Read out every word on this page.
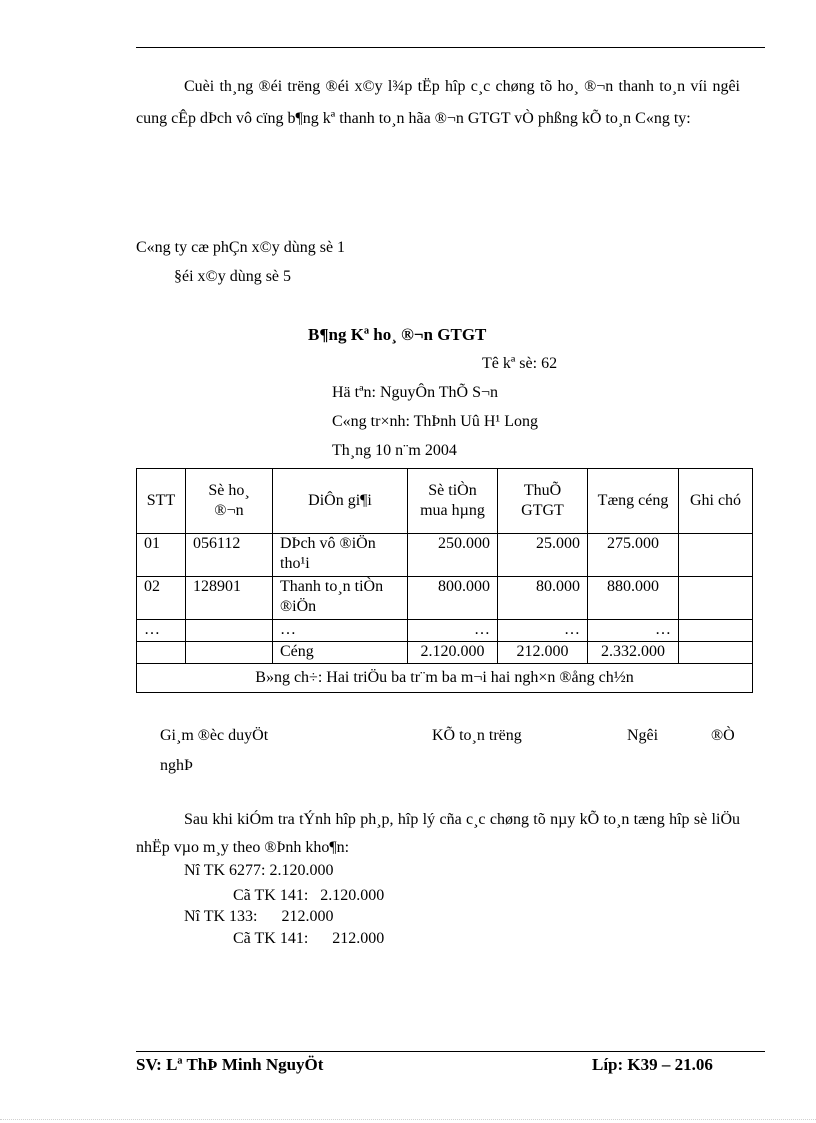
Cuèi th¸ng ®éi trëng ®éi x©y l¾p tËp hîp c¸c chøng tõ ho¸ ®¬n thanh to¸n víi ngêi cung cÊp dÞch vô cïng b¶ng kª thanh to¸n hãa ®¬n GTGT vÒ phßng kÕ to¸n C«ng ty:
C«ng ty cæ phÇn x©y dùng sè 1
§éi x©y dùng sè 5
B¶ng Kª ho¸ ®¬n GTGT
Tê kª sè: 62
Hä tªn: NguyÔn ThÕ S¬n
C«ng tr×nh: ThÞnh Uû H¹ Long
Th¸ng 10 n¨m 2004
STT	Sè ho¸ ®¬n	DiÔn gi¶i	Sè tiÒn mua hµng	ThuÕ GTGT	Tæng céng	Ghi chó
01	056112	DÞch vô ®iÖn tho¹i	250.000	25.000	275.000	
02	128901	Thanh to¸n tiÒn ®iÖn	800.000	80.000	880.000	
…		…	…	…	…	
		Céng	2.120.000	212.000	2.332.000	
B»ng ch÷: Hai triÖu ba tr¨m ba m¬i hai ngh×n ®ång ch½n						
Gi¸m ®èc duyÖt	KÕ to¸n trëng	Ngêi	®Ò
nghÞ
Sau khi kiÓm tra tÝnh hîp ph¸p, hîp lý cña c¸c chøng tõ nµy kÕ to¸n tæng hîp sè liÖu nhËp vµo m¸y theo ®Þnh kho¶n:
Nî TK 6277: 2.120.000
Cã TK 141:   2.120.000
Nî TK 133:      212.000
Cã TK 141:      212.000
SV: Lª ThÞ Minh NguyÖt	Líp: K39 – 21.06
